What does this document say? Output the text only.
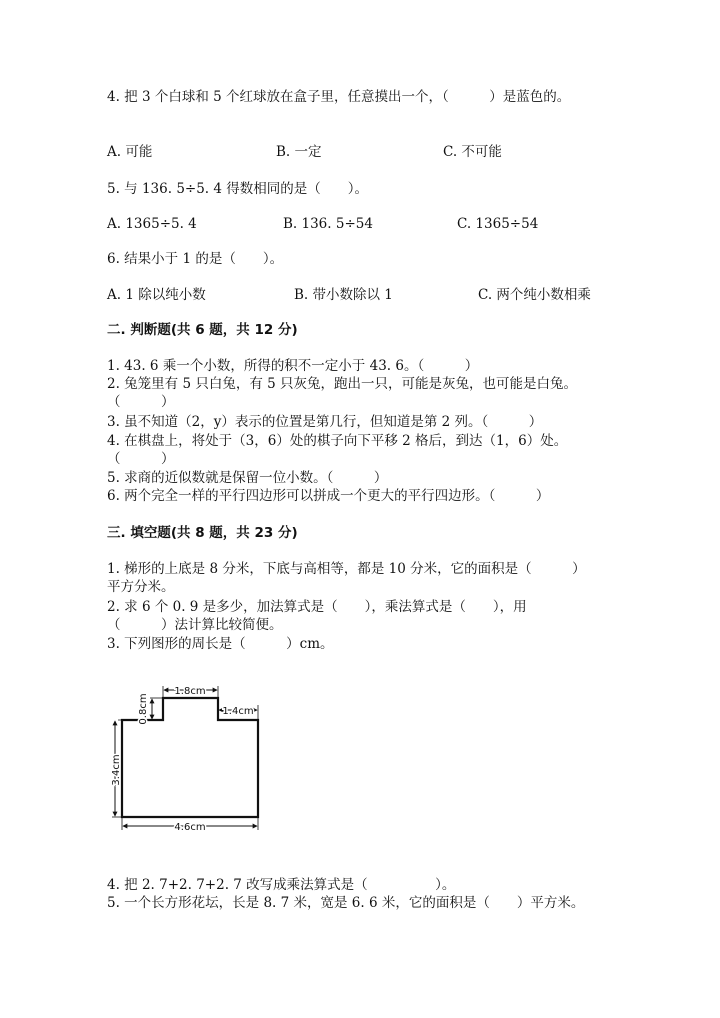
4. 把 3 个白球和 5 个红球放在盒子里，任意摸出一个，（　　　）是蓝色的。
A. 可能	B. 一定	C. 不可能
5. 与 136. 5÷5. 4 得数相同的是（　　）。
A. 1365÷5. 4	B. 136. 5÷54	C. 1365÷54
6. 结果小于 1 的是（　　）。
A. 1 除以纯小数	B. 带小数除以 1	C. 两个纯小数相乘
二. 判断题(共 6 题，共 12 分)
1. 43. 6 乘一个小数，所得的积不一定小于 43. 6。（　　　）
2. 兔笼里有 5 只白兔，有 5 只灰兔，跑出一只，可能是灰兔，也可能是白兔。
（　　　）
3. 虽不知道（2，y）表示的位置是第几行，但知道是第 2 列。（　　　）
4. 在棋盘上，将处于（3，6）处的棋子向下平移 2 格后，到达（1，6）处。
（　　　）
5. 求商的近似数就是保留一位小数。（　　　）
6. 两个完全一样的平行四边形可以拼成一个更大的平行四边形。（　　　）
三. 填空题(共 8 题，共 23 分)
1. 梯形的上底是 8 分米，下底与高相等，都是 10 分米，它的面积是（　　　）
平方分米。
2. 求 6 个 0. 9 是多少，加法算式是（　　），乘法算式是（　　），用
（　　　）法计算比较简便。
3. 下列图形的周长是（　　　）cm。
1.8cm
0.8cm	1.4cm
3.4cm
4.6cm
4. 把 2. 7+2. 7+2. 7 改写成乘法算式是（　　　　　）。
5. 一个长方形花坛，长是 8. 7 米，宽是 6. 6 米，它的面积是（　　）平方米。
